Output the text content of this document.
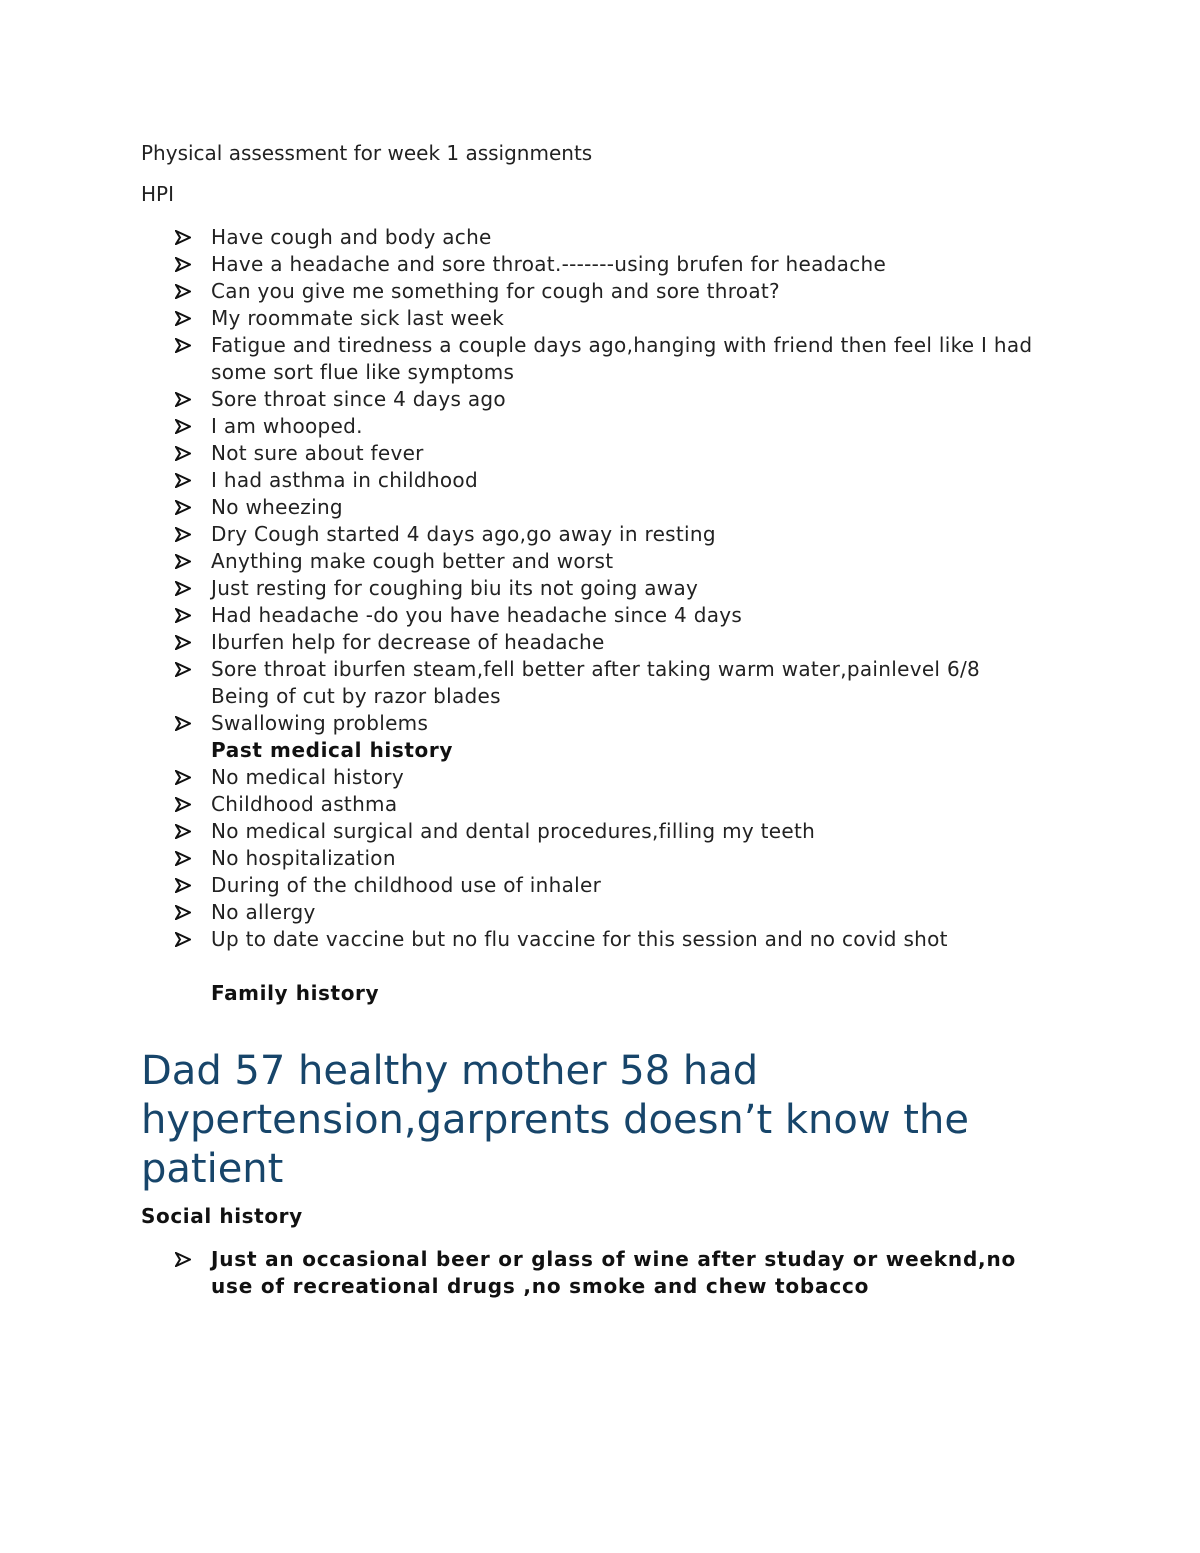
Physical assessment for week 1 assignments

HPI

Have cough and body ache
Have a headache and sore throat.-------using brufen for headache
Can you give me something for cough and sore throat?
My roommate sick last week
Fatigue and tiredness a couple days ago,hanging with friend then feel like I had some sort flue like symptoms
Sore throat since 4 days ago
I am whooped.
Not sure about fever
I had asthma in childhood
No wheezing
Dry Cough started 4 days ago,go away in resting
Anything make cough better and worst
Just resting for coughing biu its not going away
Had headache -do you have headache since 4 days
Iburfen help for decrease of headache
Sore throat iburfen steam,fell better after taking warm water,painlevel 6/8 Being of cut by razor blades
Swallowing problems
Past medical history
No medical history
Childhood asthma
No medical surgical and dental procedures,filling my teeth
No hospitalization
During of the childhood use of inhaler
No allergy
Up to date vaccine but no flu vaccine for this session and no covid shot
Family history
Dad 57 healthy mother 58 had hypertension,garprents doesn’t know the patient
Social history
Just an occasional beer or glass of wine after studay or weeknd,no use of recreational drugs ,no smoke and chew tobacco
